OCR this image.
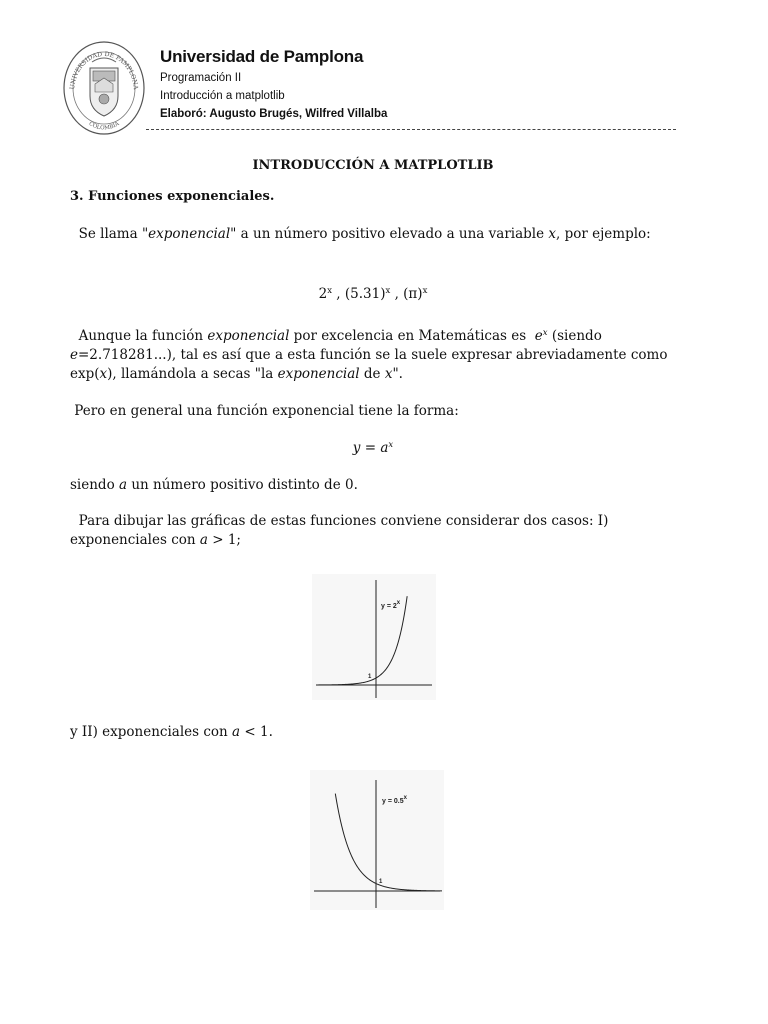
UNIVERSIDAD DE PAMPLONA
COLOMBIA
Universidad de Pamplona
Programación II
Introducción a matplotlib
Elaboró: Augusto Brugés, Wilfred Villalba
INTRODUCCIÓN A MATPLOTLIB
3. Funciones exponenciales.
Se llama "exponencial" a un número positivo elevado a una variable x, por ejemplo:
2$^x$ , $(5.31)^x$ , $(\pi)^x$
Aunque la función exponencial por excelencia en Matemáticas es  $e^x$ (siendo e=2.718281...), tal es así que a esta función se la suele expresar abreviadamente como exp(x), llamándola a secas "la exponencial de x".
Pero en general una función exponencial tiene la forma:
$y = a^x$
siendo a un número positivo distinto de 0.
Para dibujar las gráficas de estas funciones conviene considerar dos casos: I) exponenciales con a > 1;
y = 2x
1
y II) exponenciales con a < 1.
y = 0.5x
1
